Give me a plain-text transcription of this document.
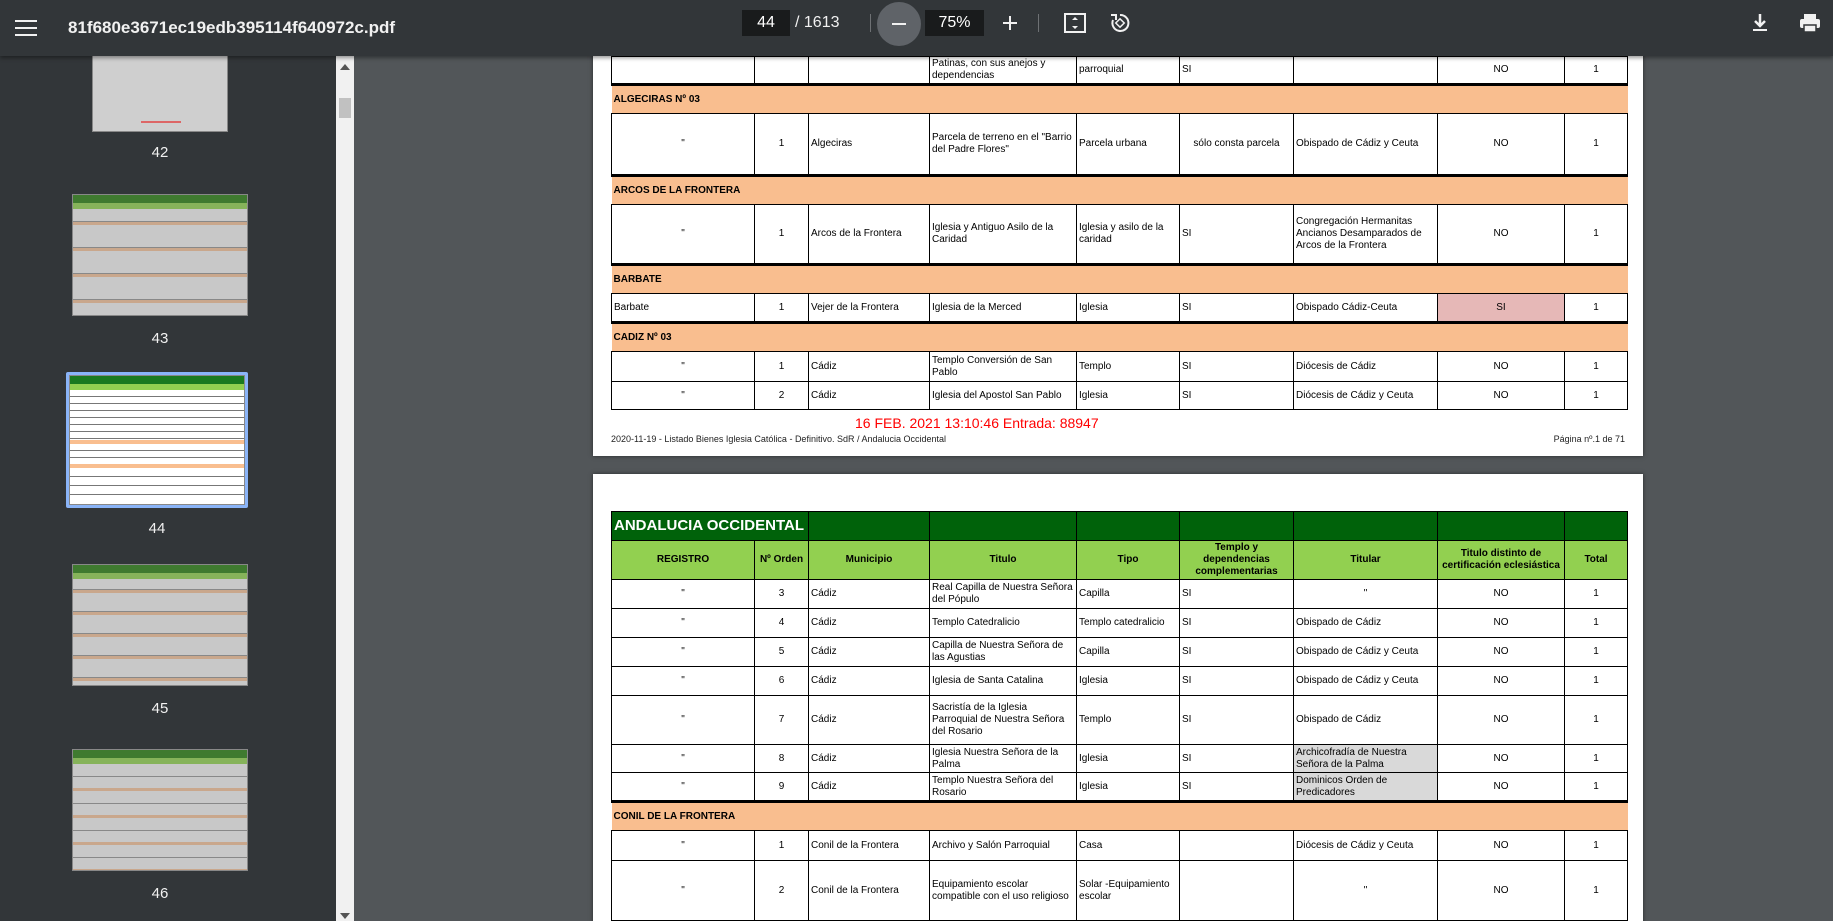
81f680e3671ec19edb395114f640972c.pdf
44	/ 1613
75%
42
43
44
45
46
			Patinas, con sus anejos y dependencias	parroquial	SI		NO	1
ALGECIRAS Nº 03								
"	1	Algeciras	Parcela de terreno en el "Barrio del Padre Flores"	Parcela urbana	sólo consta parcela	Obispado de Cádiz y Ceuta	NO	1
ARCOS DE LA FRONTERA								
"	1	Arcos de la Frontera	Iglesia y Antiguo Asilo de la Caridad	Iglesia y asilo de la caridad	SI	Congregación Hermanitas Ancianos Desamparados de Arcos de la Frontera	NO	1
BARBATE								
Barbate	1	Vejer de la Frontera	Iglesia de la Merced	Iglesia	SI	Obispado Cádiz-Ceuta	SI	1
CADIZ Nº 03								
"	1	Cádiz	Templo Conversión de San Pablo	Templo	SI	Diócesis de Cádiz	NO	1
"	2	Cádiz	Iglesia del Apostol San Pablo	Iglesia	SI	Diócesis de Cádiz y Ceuta	NO	1
16 FEB. 2021 13:10:46 Entrada: 88947
2020-11-19 - Listado Bienes Iglesia Católica - Definitivo. SdR / Andalucia Occidental	Página nº.1 de 71
ANDALUCIA OCCIDENTAL								
REGISTRO	Nº Orden	Municipio	Titulo	Tipo	Templo y dependencias complementarias	Titular	Titulo distinto de certificación eclesiástica	Total
"	3	Cádiz	Real Capilla de Nuestra Señora del Pópulo	Capilla	SI	"	NO	1
"	4	Cádiz	Templo Catedralicio	Templo catedralicio	SI	Obispado de Cádiz	NO	1
"	5	Cádiz	Capilla de Nuestra Señora de las Agustias	Capilla	SI	Obispado de Cádiz y Ceuta	NO	1
"	6	Cádiz	Iglesia de Santa Catalina	Iglesia	SI	Obispado de Cádiz y Ceuta	NO	1
"	7	Cádiz	Sacristía de la Iglesia Parroquial de Nuestra Señora del Rosario	Templo	SI	Obispado de Cádiz	NO	1
"	8	Cádiz	Iglesia Nuestra Señora de la Palma	Iglesia	SI	Archicofradía de Nuestra Señora de la Palma	NO	1
"	9	Cádiz	Templo Nuestra Señora del Rosario	Iglesia	SI	Dominicos Orden de Predicadores	NO	1
CONIL DE LA FRONTERA								
"	1	Conil de la Frontera	Archivo y Salón Parroquial	Casa		Diócesis de Cádiz y Ceuta	NO	1
"	2	Conil de la Frontera	Equipamiento escolar compatible con el uso religioso	Solar -Equipamiento escolar		"	NO	1
